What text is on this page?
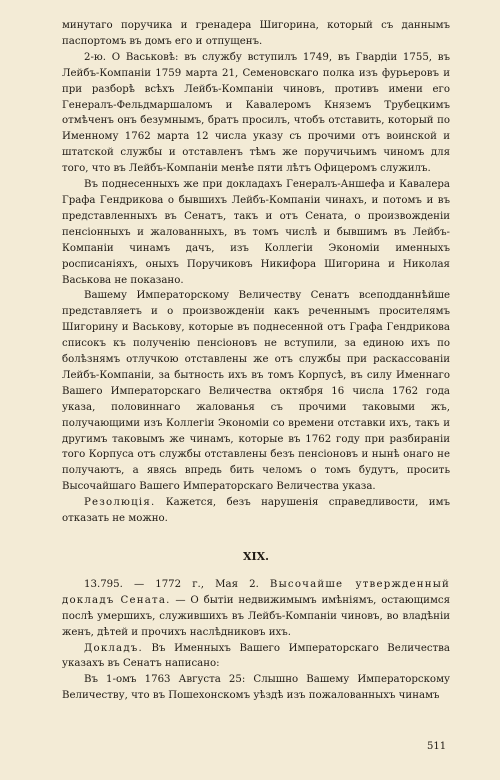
минутаго поручика и гренадера Шигорина, который съ даннымъ паспортомъ въ домъ его и отпущенъ.

2-ю. О Васьковѣ: въ службу вступилъ 1749, въ Гвардіи 1755, въ Лейбъ-Компаніи 1759 марта 21, Семеновскаго полка изъ фурьеровъ и при разборѣ всѣхъ Лейбъ-Компаніи чиновъ, противъ имени его Генералъ-Фельдмаршаломъ и Кавалеромъ Княземъ Трубецкимъ отмѣченъ онъ безумнымъ, братъ просилъ, чтобъ отставить, который по Именному 1762 марта 12 числа указу съ прочими отъ воинской и штатской службы и отставленъ тѣмъ же поручичьимъ чиномъ для того, что въ Лейбъ-Компаніи менѣе пяти лѣтъ Офицеромъ служилъ.

Въ поднесенныхъ же при докладахъ Генералъ-Аншефа и Кавалера Графа Гендрикова о бывшихъ Лейбъ-Компаніи чинахъ, и потомъ и въ представленныхъ въ Сенатъ, такъ и отъ Сената, о произвожденіи пенсіонныхъ и жалованныхъ, въ томъ числѣ и бывшимъ въ Лейбъ-Компаніи чинамъ дачъ, изъ Коллегіи Экономіи именныхъ росписаніяхъ, оныхъ Поручиковъ Никифора Шигорина и Николая Васькова не показано.

Вашему Императорскому Величеству Сенатъ всеподданнѣйше представляетъ и о произвожденіи какъ реченнымъ просителямъ Шигорину и Васькову, которые въ поднесенной отъ Графа Гендрикова списокъ къ полученію пенсіоновъ не вступили, за единою ихъ по болѣзнямъ отлучкою отставлены же отъ службы при раскассованіи Лейбъ-Компаніи, за бытность ихъ въ томъ Корпусѣ, въ силу Именнаго Вашего Императорскаго Величества октября 16 числа 1762 года указа, половиннаго жалованья съ прочими таковыми жъ, получающими изъ Коллегіи Экономіи со времени отставки ихъ, такъ и другимъ таковымъ же чинамъ, которые въ 1762 году при разбираніи того Корпуса отъ службы отставлены безъ пенсіоновъ и нынѣ онаго не получаютъ, а явясь впредь бить челомъ о томъ будутъ, просить Высочайшаго Вашего Императорскаго Величества указа.

Резолюція. Кажется, безъ нарушенія справедливости, имъ отказать не можно.

XIX.

13.795. — 1772 г., Мая 2. Высочайше утвержденный докладъ Сената. — О бытіи недвижимымъ имѣніямъ, остающимся послѣ умершихъ, служившихъ въ Лейбъ-Компаніи чиновъ, во владѣніи женъ, дѣтей и прочихъ наслѣдниковъ ихъ.

Докладъ. Въ Именныхъ Вашего Императорскаго Величества указахъ въ Сенатъ написано:

Въ 1-омъ 1763 Августа 25: Слышно Вашему Императорскому Величеству, что въ Пошехонскомъ уѣздѣ изъ пожалованныхъ чинамъ

511
